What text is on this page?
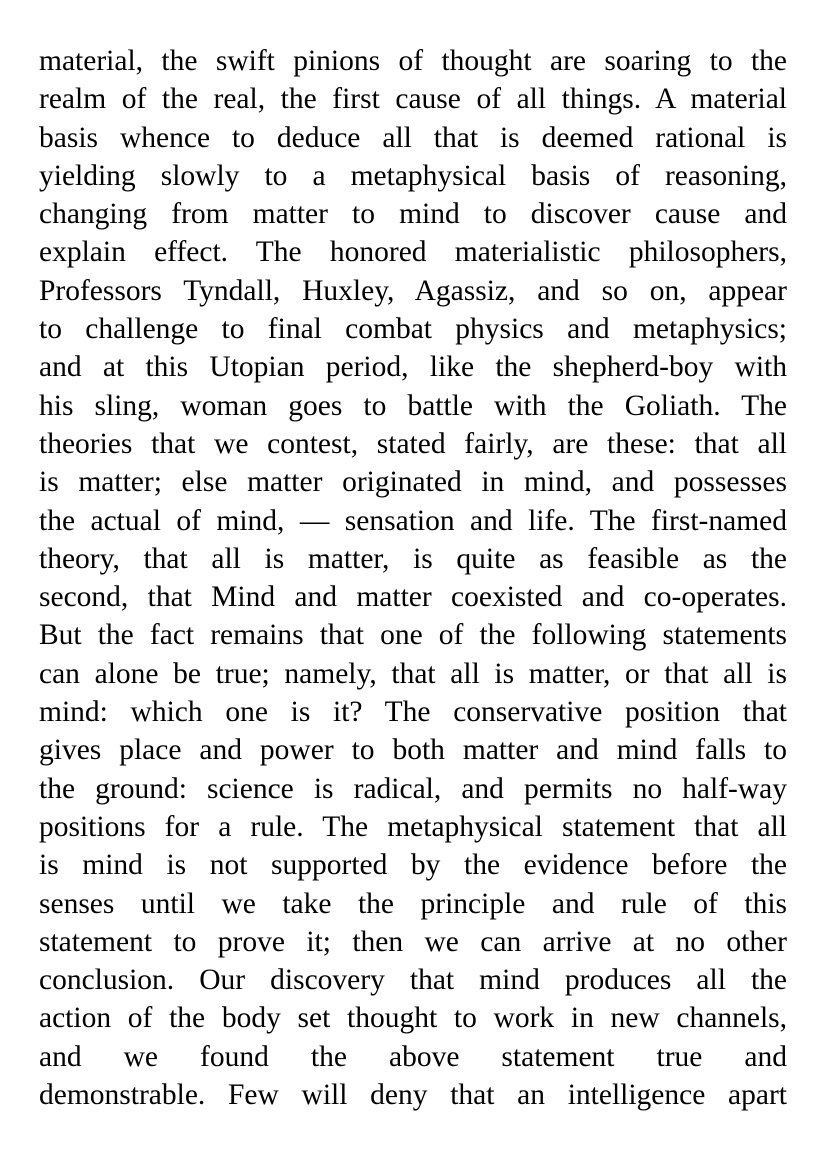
material, the swift pinions of thought are soaring to the
realm of the real, the first cause of all things. A material
basis whence to deduce all that is deemed rational is
yielding slowly to a metaphysical basis of reasoning,
changing from matter to mind to discover cause and
explain effect. The honored materialistic philosophers,
Professors Tyndall, Huxley, Agassiz, and so on, appear
to challenge to final combat physics and metaphysics;
and at this Utopian period, like the shepherd-boy with
his sling, woman goes to battle with the Goliath. The
theories that we contest, stated fairly, are these: that all
is matter; else matter originated in mind, and possesses
the actual of mind, — sensation and life. The first-named
theory, that all is matter, is quite as feasible as the
second, that Mind and matter coexisted and co-operates.
But the fact remains that one of the following statements
can alone be true; namely, that all is matter, or that all is
mind: which one is it? The conservative position that
gives place and power to both matter and mind falls to
the ground: science is radical, and permits no half-way
positions for a rule. The metaphysical statement that all
is mind is not supported by the evidence before the
senses until we take the principle and rule of this
statement to prove it; then we can arrive at no other
conclusion. Our discovery that mind produces all the
action of the body set thought to work in new channels,
and we found the above statement true and
demonstrable. Few will deny that an intelligence apart
